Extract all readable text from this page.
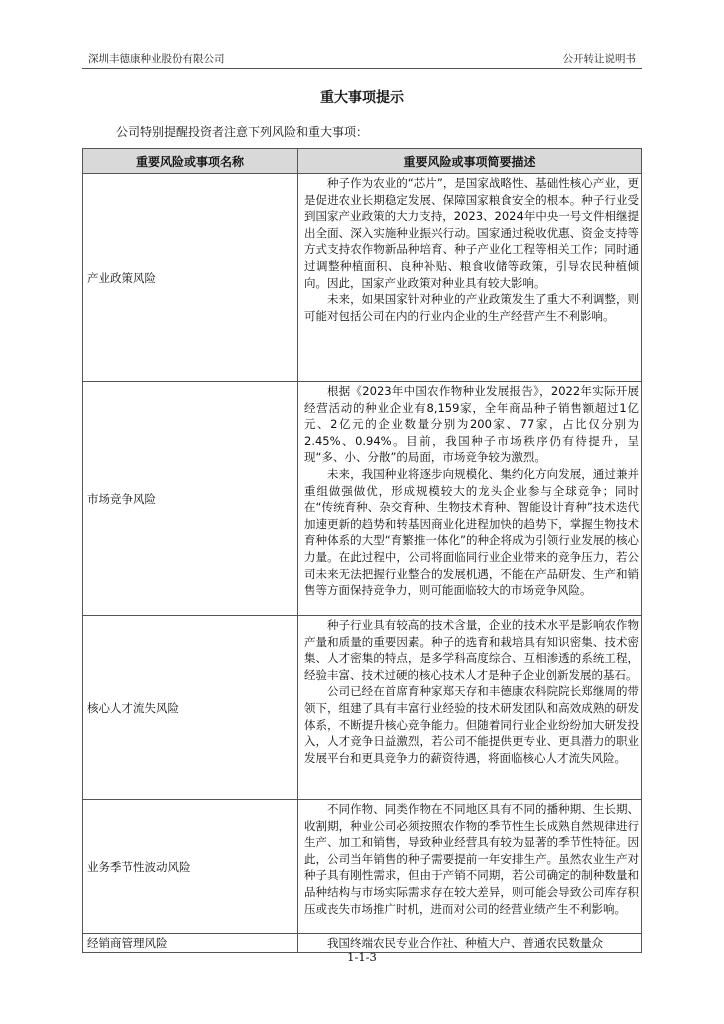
深圳丰德康种业股份有限公司	公开转让说明书
重大事项提示
公司特别提醒投资者注意下列风险和重大事项：
重要风险或事项名称	重要风险或事项简要描述
产业政策风险	种子作为农业的“芯片”，是国家战略性、基础性核心产业，更是促进农业长期稳定发展、保障国家粮食安全的根本。种子行业受到国家产业政策的大力支持，2023、2024年中央一号文件相继提出全面、深入实施种业振兴行动。国家通过税收优惠、资金支持等方式支持农作物新品种培育、种子产业化工程等相关工作；同时通过调整种植面积、良种补贴、粮食收储等政策，引导农民种植倾向。因此，国家产业政策对种业具有较大影响。

未来，如果国家针对种业的产业政策发生了重大不利调整，则可能对包括公司在内的行业内企业的生产经营产生不利影响。

市场竞争风险	根据《2023年中国农作物种业发展报告》，2022年实际开展经营活动的种业企业有8,159家，全年商品种子销售额超过1亿元、2亿元的企业数量分别为200家、77家，占比仅分别为2.45%、0.94%。目前，我国种子市场秩序仍有待提升，呈现“多、小、分散”的局面，市场竞争较为激烈。

未来，我国种业将逐步向规模化、集约化方向发展，通过兼并重组做强做优，形成规模较大的龙头企业参与全球竞争；同时在“传统育种、杂交育种、生物技术育种、智能设计育种”技术迭代加速更新的趋势和转基因商业化进程加快的趋势下，掌握生物技术育种体系的大型“育繁推一体化”的种企将成为引领行业发展的核心力量。在此过程中，公司将面临同行业企业带来的竞争压力，若公司未来无法把握行业整合的发展机遇，不能在产品研发、生产和销售等方面保持竞争力，则可能面临较大的市场竞争风险。

核心人才流失风险	种子行业具有较高的技术含量，企业的技术水平是影响农作物产量和质量的重要因素。种子的选育和栽培具有知识密集、技术密集、人才密集的特点，是多学科高度综合、互相渗透的系统工程，经验丰富、技术过硬的核心技术人才是种子企业创新发展的基石。

公司已经在首席育种家郑天存和丰德康农科院院长郑继周的带领下，组建了具有丰富行业经验的技术研发团队和高效成熟的研发体系，不断提升核心竞争能力。但随着同行业企业纷纷加大研发投入，人才竞争日益激烈，若公司不能提供更专业、更具潜力的职业发展平台和更具竞争力的薪资待遇，将面临核心人才流失风险。

业务季节性波动风险	不同作物、同类作物在不同地区具有不同的播种期、生长期、收割期，种业公司必须按照农作物的季节性生长成熟自然规律进行生产、加工和销售，导致种业经营具有较为显著的季节性特征。因此，公司当年销售的种子需要提前一年安排生产。虽然农业生产对种子具有刚性需求，但由于产销不同期，若公司确定的制种数量和品种结构与市场实际需求存在较大差异，则可能会导致公司库存积压或丧失市场推广时机，进而对公司的经营业绩产生不利影响。

经销商管理风险	我国终端农民专业合作社、种植大户、普通农民数量众

1-1-3
